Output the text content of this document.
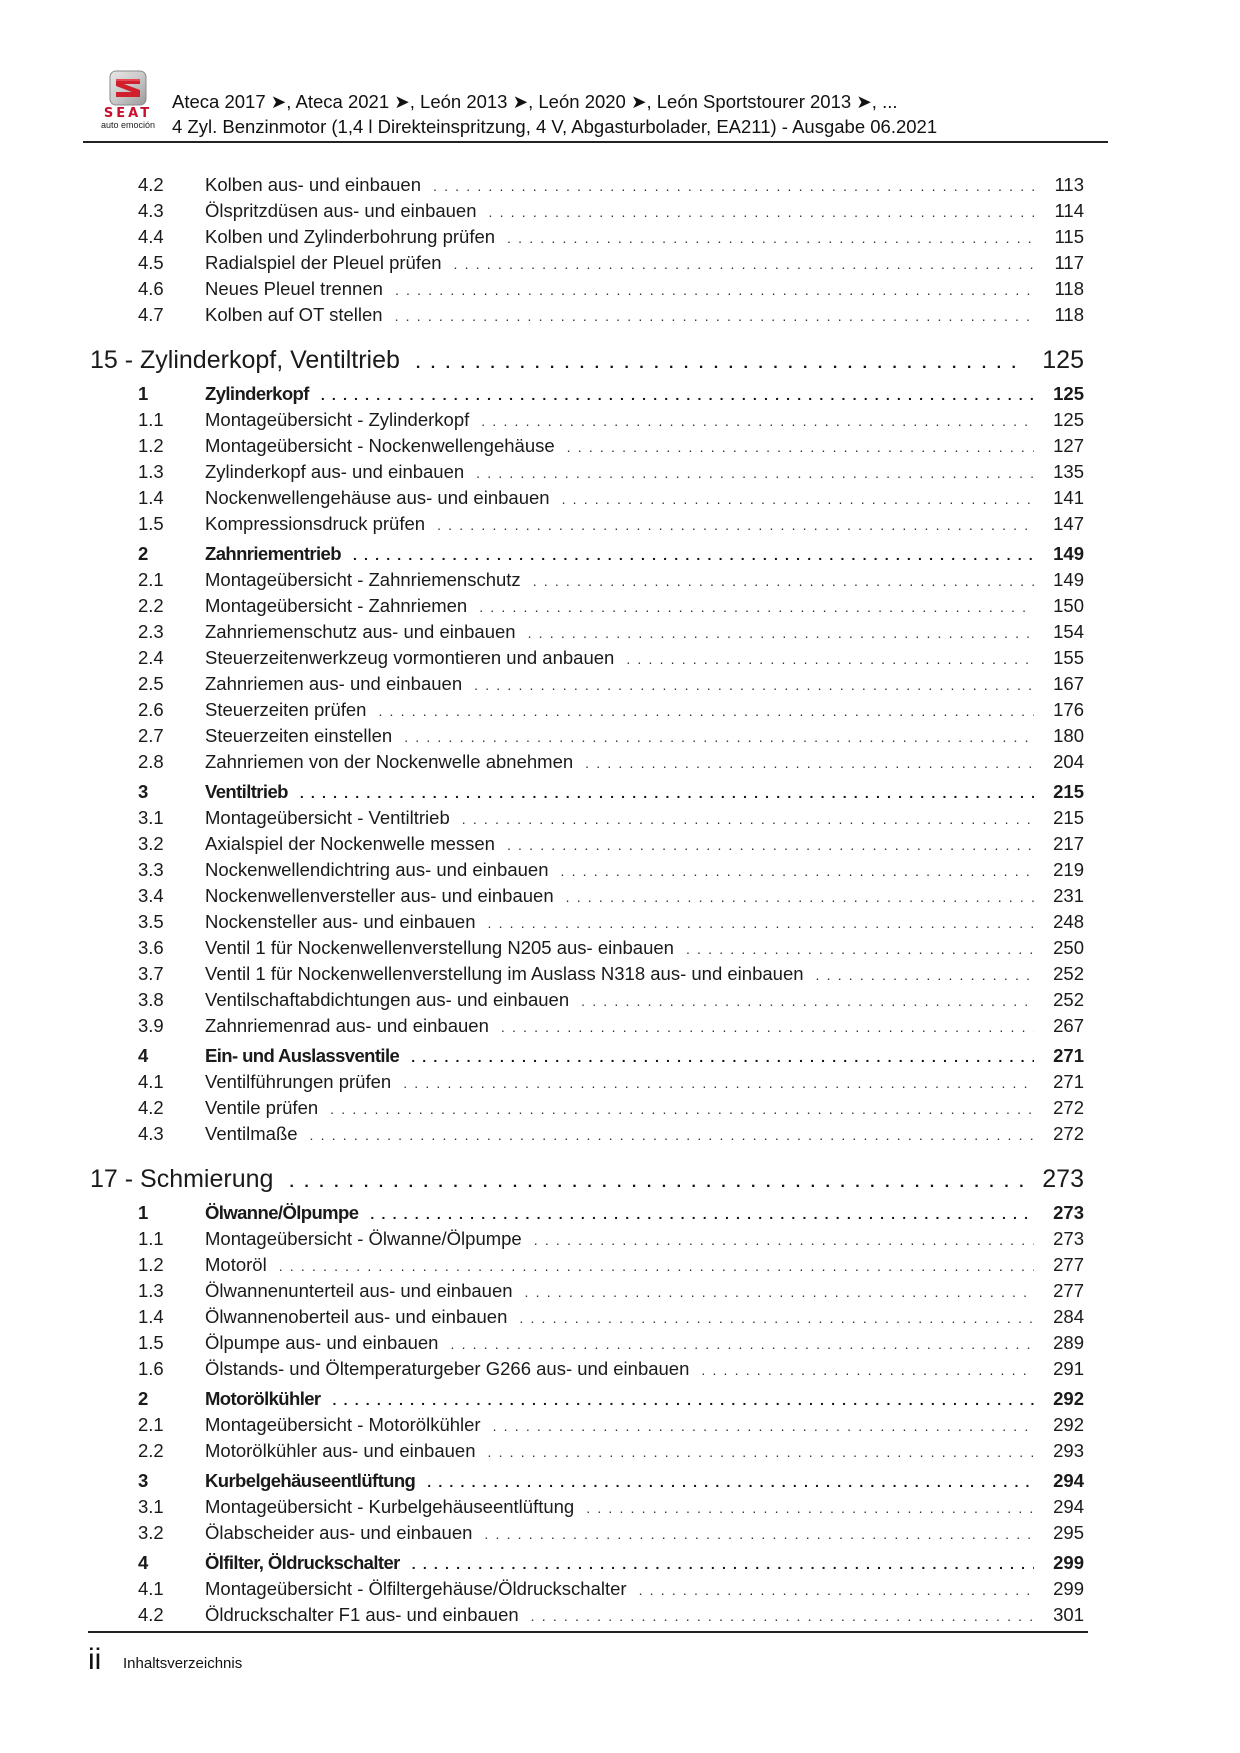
SEAT
auto emoción
Ateca 2017 ➤, Ateca 2021 ➤, León 2013 ➤, León 2020 ➤, León Sportstourer 2013 ➤, ...
4 Zyl. Benzinmotor (1,4 l Direkteinspritzung, 4 V, Abgasturbolader, EA211) - Ausgabe 06.2021
4.2	Kolben aus- und einbauen . . .	113
4.3	Ölspritzdüsen aus- und einbauen . . .	114
4.4	Kolben und Zylinderbohrung prüfen . . .	115
4.5	Radialspiel der Pleuel prüfen . . .	117
4.6	Neues Pleuel trennen . . .	118
4.7	Kolben auf OT stellen . . .	118
15 - Zylinderkopf, Ventiltrieb . . .	125
1	Zylinderkopf . . .	125
1.1	Montageübersicht - Zylinderkopf . . .	125
1.2	Montageübersicht - Nockenwellengehäuse . . .	127
1.3	Zylinderkopf aus- und einbauen . . .	135
1.4	Nockenwellengehäuse aus- und einbauen . . .	141
1.5	Kompressionsdruck prüfen . . .	147
2	Zahnriementrieb . . .	149
2.1	Montageübersicht - Zahnriemenschutz . . .	149
2.2	Montageübersicht - Zahnriemen . . .	150
2.3	Zahnriemenschutz aus- und einbauen . . .	154
2.4	Steuerzeitenwerkzeug vormontieren und anbauen . . .	155
2.5	Zahnriemen aus- und einbauen . . .	167
2.6	Steuerzeiten prüfen . . .	176
2.7	Steuerzeiten einstellen . . .	180
2.8	Zahnriemen von der Nockenwelle abnehmen . . .	204
3	Ventiltrieb . . .	215
3.1	Montageübersicht - Ventiltrieb . . .	215
3.2	Axialspiel der Nockenwelle messen . . .	217
3.3	Nockenwellendichtring aus- und einbauen . . .	219
3.4	Nockenwellenversteller aus- und einbauen . . .	231
3.5	Nockensteller aus- und einbauen . . .	248
3.6	Ventil 1 für Nockenwellenverstellung N205 aus- einbauen . . .	250
3.7	Ventil 1 für Nockenwellenverstellung im Auslass N318 aus- und einbauen . . .	252
3.8	Ventilschaftabdichtungen aus- und einbauen . . .	252
3.9	Zahnriemenrad aus- und einbauen . . .	267
4	Ein- und Auslassventile . . .	271
4.1	Ventilführungen prüfen . . .	271
4.2	Ventile prüfen . . .	272
4.3	Ventilmaße . . .	272
17 - Schmierung . . .	273
1	Ölwanne/Ölpumpe . . .	273
1.1	Montageübersicht - Ölwanne/Ölpumpe . . .	273
1.2	Motoröl . . .	277
1.3	Ölwannenunterteil aus- und einbauen . . .	277
1.4	Ölwannenoberteil aus- und einbauen . . .	284
1.5	Ölpumpe aus- und einbauen . . .	289
1.6	Ölstands- und Öltemperaturgeber G266 aus- und einbauen . . .	291
2	Motorölkühler . . .	292
2.1	Montageübersicht - Motorölkühler . . .	292
2.2	Motorölkühler aus- und einbauen . . .	293
3	Kurbelgehäuseentlüftung . . .	294
3.1	Montageübersicht - Kurbelgehäuseentlüftung . . .	294
3.2	Ölabscheider aus- und einbauen . . .	295
4	Ölfilter, Öldruckschalter . . .	299
4.1	Montageübersicht - Ölfiltergehäuse/Öldruckschalter . . .	299
4.2	Öldruckschalter F1 aus- und einbauen . . .	301
ii Inhaltsverzeichnis
